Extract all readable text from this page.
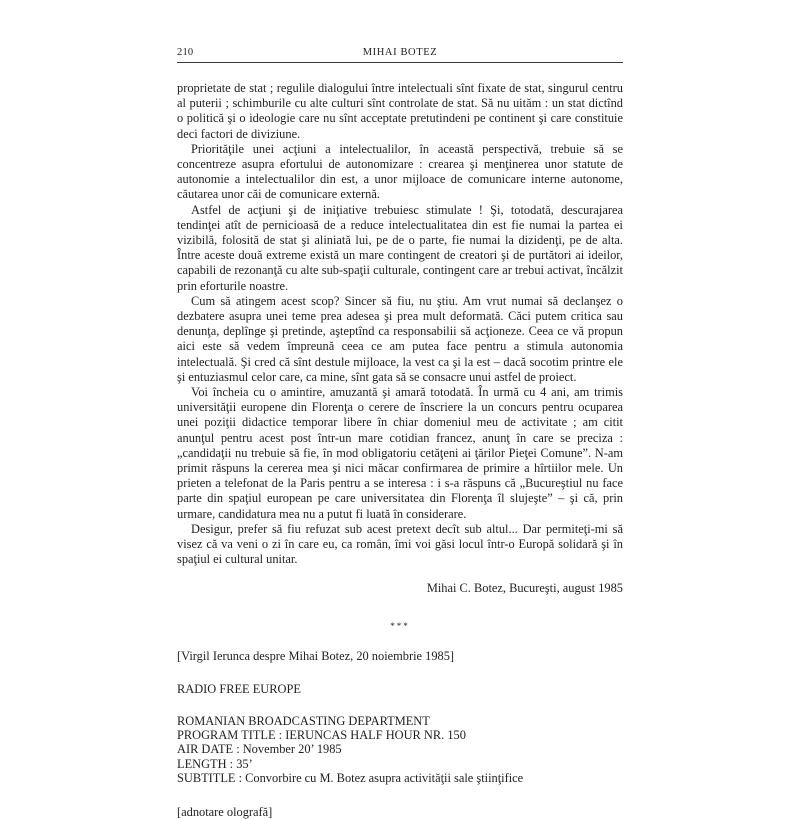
210	MIHAI BOTEZ

proprietate de stat ; regulile dialogului între intelectuali sînt fixate de stat, singurul centru al puterii ; schimburile cu alte culturi sînt controlate de stat. Să nu uităm : un stat dictînd o politică şi o ideologie care nu sînt acceptate pretutindeni pe continent şi care constituie deci factori de diviziune.

Priorităţile unei acţiuni a intelectualilor, în această perspectivă, trebuie să se concentreze asupra efortului de autonomizare : crearea şi menţinerea unor statute de autonomie a intelectualilor din est, a unor mijloace de comunicare interne autonome, căutarea unor căi de comunicare externă.

Astfel de acţiuni şi de iniţiative trebuiesc stimulate ! Şi, totodată, descurajarea tendinţei atît de pernicioasă de a reduce intelectualitatea din est fie numai la partea ei vizibilă, folosită de stat şi aliniată lui, pe de o parte, fie numai la dizidenţi, pe de alta. Între aceste două extreme există un mare contingent de creatori şi de purtători ai ideilor, capabili de rezonanţă cu alte sub-spaţii culturale, contingent care ar trebui activat, încălzit prin eforturile noastre.

Cum să atingem acest scop? Sincer să fiu, nu ştiu. Am vrut numai să declanşez o dezbatere asupra unei teme prea adesea şi prea mult deformată. Căci putem critica sau denunţa, deplînge şi pretinde, aşteptînd ca responsabilii să acţioneze. Ceea ce vă propun aici este să vedem împreună ceea ce am putea face pentru a stimula autonomia intelectuală. Şi cred că sînt destule mijloace, la vest ca şi la est – dacă socotim printre ele şi entuziasmul celor care, ca mine, sînt gata să se consacre unui astfel de proiect.

Voi încheia cu o amintire, amuzantă şi amară totodată. În urmă cu 4 ani, am trimis universităţii europene din Florenţa o cerere de înscriere la un concurs pentru ocuparea unei poziţii didactice temporar libere în chiar domeniul meu de activitate ; am citit anunţul pentru acest post într-un mare cotidian francez, anunţ în care se preciza : „candidaţii nu trebuie să fie, în mod obligatoriu cetăţeni ai ţărilor Pieţei Comune”. N-am primit răspuns la cererea mea şi nici măcar confirmarea de primire a hîrtiilor mele. Un prieten a telefonat de la Paris pentru a se interesa : i s-a răspuns că „Bucureştiul nu face parte din spaţiul european pe care universitatea din Florenţa îl slujeşte” – şi că, prin urmare, candidatura mea nu a putut fi luată în considerare.

Desigur, prefer să fiu refuzat sub acest pretext decît sub altul... Dar permiteţi-mi să visez că va veni o zi în care eu, ca român, îmi voi găsi locul într-o Europă solidară şi în spaţiul ei cultural unitar.

Mihai C. Botez, Bucureşti, august 1985
***

[Virgil Ierunca despre Mihai Botez, 20 noiembrie 1985]

RADIO FREE EUROPE

ROMANIAN BROADCASTING DEPARTMENT

PROGRAM TITLE : IERUNCAS HALF HOUR NR. 150

AIR DATE : November 20’ 1985

LENGTH : 35’

SUBTITLE : Convorbire cu M. Botez asupra activităţii sale ştiinţifice

[adnotare olografă]
